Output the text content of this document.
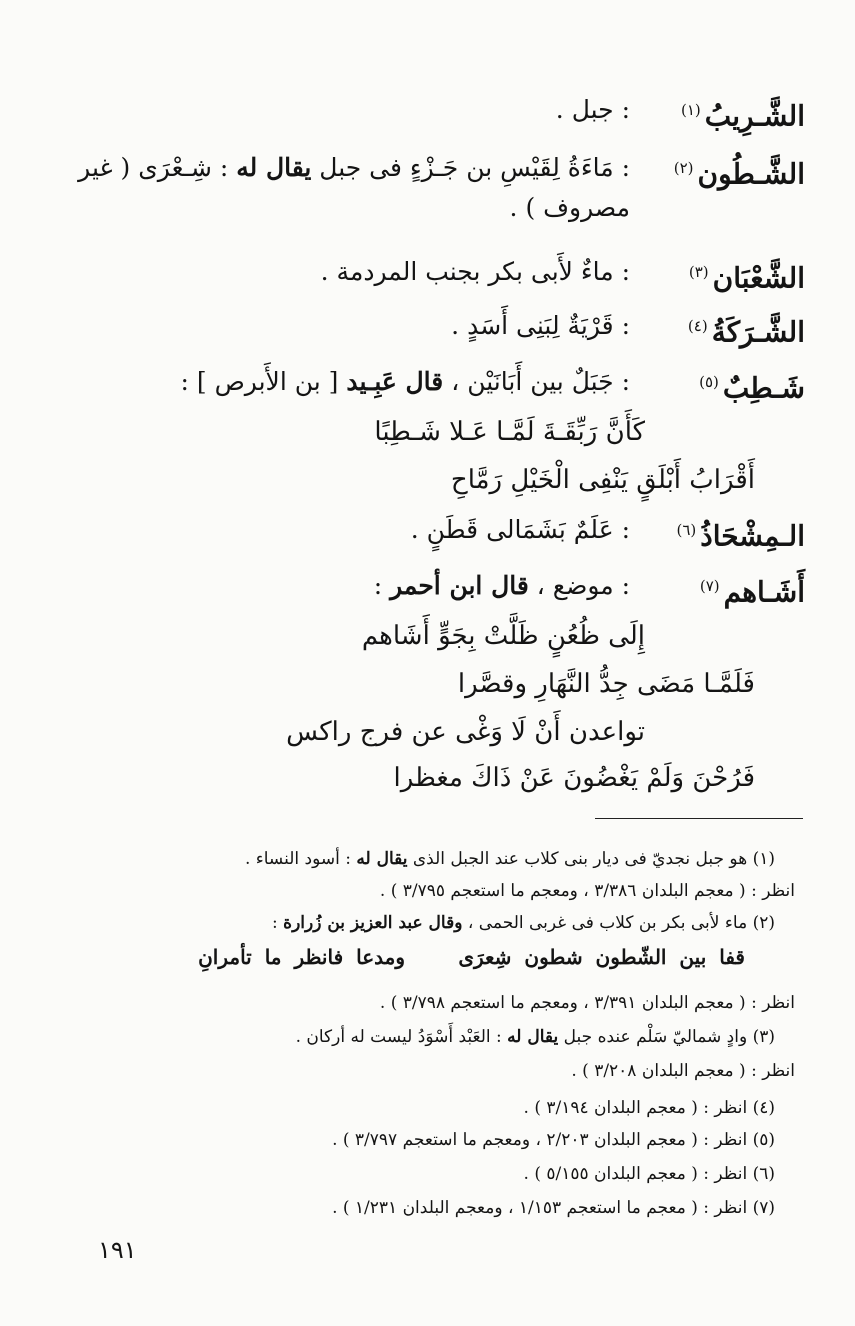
الشَّـرِيبُ$^{(١)}$: جبل .
الشَّـطُون$^{(٢)}$: مَاءَةُ لِقَيْسِ بن جَـزْءٍ فى جبل يقال له : شِـعْرَى ( غير مصروف ) .
الشَّعْبَان$^{(٣)}$: ماءٌ لأَبى بكر بجنب المردمة .
الشَّـرَكَةُ$^{(٤)}$: قَرْيَةٌ لِبَنِى أَسَدٍ .
شَـطِبٌ$^{(٥)}$: جَبَلٌ بين أَبَانَيْن ، قال عَبِـيد [ بن الأَبرص ] :
كَأَنَّ رَبِّقَـةَ لَمَّـا عَـلا شَـطِبًا
أَقْرَابُ أَبْلَقٍ يَنْفِى الْخَيْلِ رَمَّاحِ
الـمِشْحَاذُ$^{(٦)}$: عَلَمٌ بَشَمَالى قَطَنٍ .
أَشَـاهم$^{(٧)}$: موضع ، قال ابن أحمر :
إِلَى ظُعُنٍ ظَلَّتْ بِجَوٍّ أَشَاهم
فَلَمَّـا مَضَى جِدُّ النَّهَارِ وقصَّرا
تواعدن أَنْ لَا وَغْى عن فرج راكس
فَرُحْنَ وَلَمْ يَغْضُونَ عَنْ ذَاكَ مغظرا
(١) هو جبل نجديّ فى ديار بنى كلاب عند الجبل الذى يقال له : أسود النساء .
انظر : ( معجم البلدان ٣/٣٨٦ ، ومعجم ما استعجم ٣/٧٩٥ ) .
(٢) ماء لأبى بكر بن كلاب فى غربى الحمى ، وقال عبد العزيز بن زُرارة :
قفا بين الشّطون شطون شِعرَى
ومدعا فانظر ما تأمرانِ
انظر : ( معجم البلدان ٣/٣٩١ ، ومعجم ما استعجم ٣/٧٩٨ ) .
(٣) وادٍ شماليّ سَلْم عنده جبل يقال له : العَبْد أَسْوَدُ ليست له أركان .
انظر : ( معجم البلدان ٣/٢٠٨ ) .
(٤) انظر : ( معجم البلدان ٣/١٩٤ ) .
(٥) انظر : ( معجم البلدان ٢/٢٠٣ ، ومعجم ما استعجم ٣/٧٩٧ ) .
(٦) انظر : ( معجم البلدان ٥/١٥٥ ) .
(٧) انظر : ( معجم ما استعجم ١/١٥٣ ، ومعجم البلدان ١/٢٣١ ) .
١٩١
